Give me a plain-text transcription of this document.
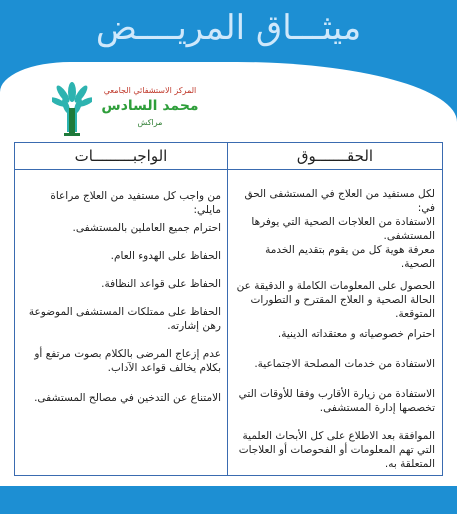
ميثـــاق المريــــض
المركز الاستشفائي الجامعي
محمد السادس
مراكش
الواجبـــــــــات	الحقـــــــوق
من واجب كل مستفيد من العلاج مراعاة مايلي:
احترام جميع العاملين بالمستشفى.
الحفاظ على الهدوء العام.
الحفاظ على قواعد النظافة.
الحفاظ على ممتلكات المستشفى الموضوعة رهن إشارته.
عدم إزعاج المرضى بالكلام بصوت مرتفع أو بكلام يخالف قواعد الآداب.
الامتناع عن التدخين في مصالح المستشفى.
لكل مستفيد من العلاج في المستشفى الحق في:
الاستفادة من العلاجات الصحية التي يوفرها المستشفى.
معرفة هوية كل من يقوم بتقديم الخدمة الصحية.
الحصول على المعلومات الكاملة و الدقيقة عن الحالة الصحية و العلاج المقترح و التطورات المتوقعة.
احترام خصوصياته و معتقداته الدينية.
الاستفادة من خدمات المصلحة الاجتماعية.
الاستفادة من زيارة الأقارب وفقا للأوقات التي تخصصها إدارة المستشفى.
الموافقة بعد الاطلاع على كل الأبحاث العلمية التي تهم المعلومات أو الفحوصات أو العلاجات المتعلقة به.
